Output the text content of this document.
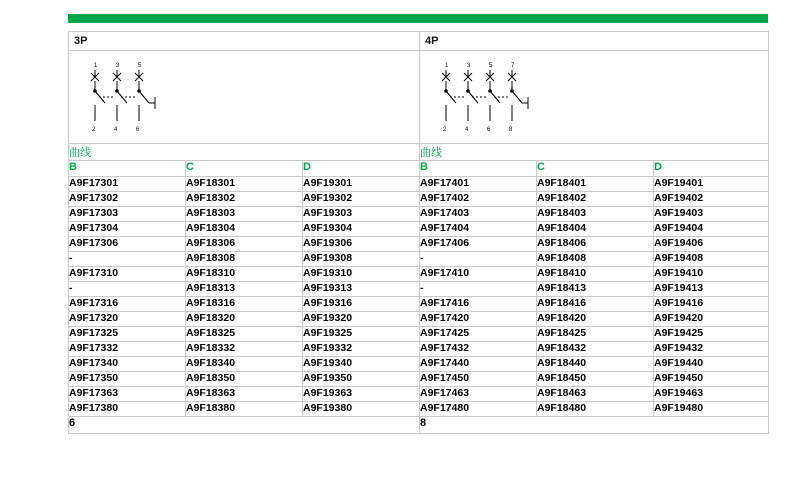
3P			4P		

1	3	5
2	4	6

1	3	5	7
2	4	6	8

曲线			曲线		
B	C	D	B	C	D
A9F17301	A9F18301	A9F19301	A9F17401	A9F18401	A9F19401
A9F17302	A9F18302	A9F19302	A9F17402	A9F18402	A9F19402
A9F17303	A9F18303	A9F19303	A9F17403	A9F18403	A9F19403
A9F17304	A9F18304	A9F19304	A9F17404	A9F18404	A9F19404
A9F17306	A9F18306	A9F19306	A9F17406	A9F18406	A9F19406
-	A9F18308	A9F19308	-	A9F18408	A9F19408
A9F17310	A9F18310	A9F19310	A9F17410	A9F18410	A9F19410
-	A9F18313	A9F19313	-	A9F18413	A9F19413
A9F17316	A9F18316	A9F19316	A9F17416	A9F18416	A9F19416
A9F17320	A9F18320	A9F19320	A9F17420	A9F18420	A9F19420
A9F17325	A9F18325	A9F19325	A9F17425	A9F18425	A9F19425
A9F17332	A9F18332	A9F19332	A9F17432	A9F18432	A9F19432
A9F17340	A9F18340	A9F19340	A9F17440	A9F18440	A9F19440
A9F17350	A9F18350	A9F19350	A9F17450	A9F18450	A9F19450
A9F17363	A9F18363	A9F19363	A9F17463	A9F18463	A9F19463
A9F17380	A9F18380	A9F19380	A9F17480	A9F18480	A9F19480
6			8		
